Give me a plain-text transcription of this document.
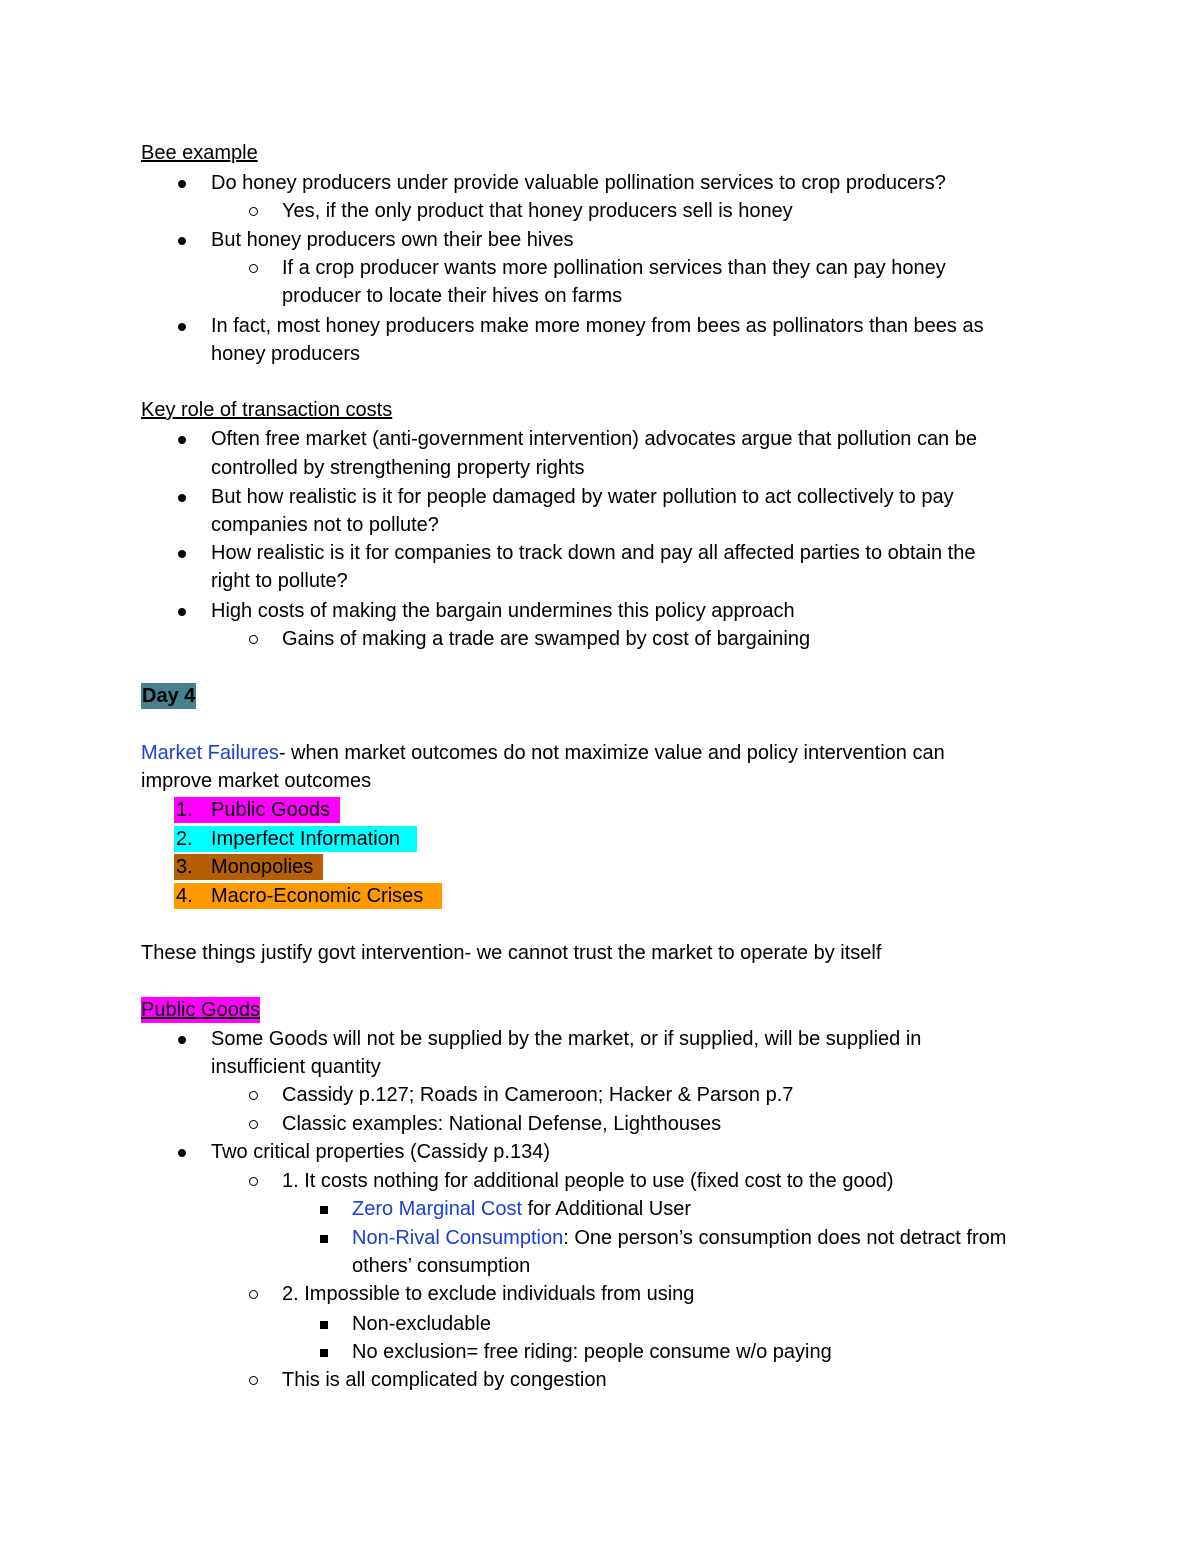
Bee example
Do honey producers under provide valuable pollination services to crop producers?
Yes, if the only product that honey producers sell is honey
But honey producers own their bee hives
If a crop producer wants more pollination services than they can pay honey
producer to locate their hives on farms
In fact, most honey producers make more money from bees as pollinators than bees as
honey producers
Key role of transaction costs
Often free market (anti-government intervention) advocates argue that pollution can be
controlled by strengthening property rights
But how realistic is it for people damaged by water pollution to act collectively to pay
companies not to pollute?
How realistic is it for companies to track down and pay all affected parties to obtain the
right to pollute?
High costs of making the bargain undermines this policy approach
Gains of making a trade are swamped by cost of bargaining
Day 4
Market Failures- when market outcomes do not maximize value and policy intervention can
improve market outcomes
1. Public Goods
2. Imperfect Information
3. Monopolies
4. Macro-Economic Crises
These things justify govt intervention- we cannot trust the market to operate by itself
Public Goods
Some Goods will not be supplied by the market, or if supplied, will be supplied in
insufficient quantity
Cassidy p.127; Roads in Cameroon; Hacker & Parson p.7
Classic examples: National Defense, Lighthouses
Two critical properties (Cassidy p.134)
1. It costs nothing for additional people to use (fixed cost to the good)
Zero Marginal Cost for Additional User
Non-Rival Consumption: One person’s consumption does not detract from
others’ consumption
2. Impossible to exclude individuals from using
Non-excludable
No exclusion= free riding: people consume w/o paying
This is all complicated by congestion
